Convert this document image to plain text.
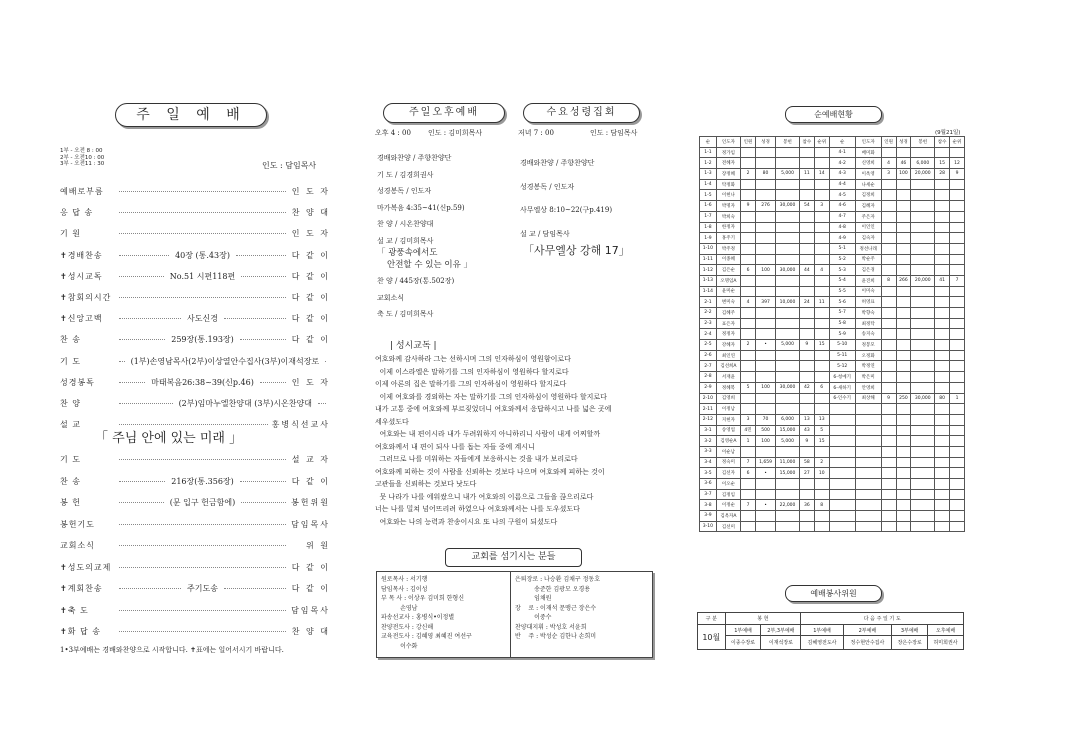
주 일 예 배
1부 - 오전 8 : 00
2부 - 오전10 : 00
3부 - 오전11 : 30	인도 : 담임목사
예배로부름	인 도 자
응 답 송	찬 양 대
기 원	인 도 자
✝경배찬송	40장 (통.43장)	다 같 이
✝성시교독	No.51 시편118편	다 같 이
✝참회의시간	다 같 이
✝신앙고백	사도신경	다 같 이
찬 송	259장(통.193장)	다 같 이
기 도	(1부)손영남목사(2부)이상열안수집사(3부)이재석장로
성경봉독	마태복음26:38~39(신p.46)	인 도 자
찬 양	(2부)임마누엘찬양대 (3부)시온찬양대
설 교	홍병식선교사
「 주님 안에 있는 미래 」
기 도	설 교 자
찬 송	216장(통.356장)	다 같 이
봉 헌	(문 입구 헌금함에)	봉헌위원
봉헌기도	담임목사
교회소식	위 원
✝성도의교제	다 같 이
✝계회찬송	주기도송	다 같 이
✝축 도	담임목사
✝화 답 송	찬 양 대
1•3부예배는 경배와찬양으로 시작합니다. ✝표에는 일어서시기 바랍니다.
주일오후예배
오후 4 : 00 인도 : 김미희목사
경배와찬양 / 주향찬양단
기 도 / 김경희권사
성경봉독 / 인도자
마가복음 4:35~41(신p.59)
찬 양 / 시온찬양대
설 교 / 김미희목사
「 광풍속에서도
안전할 수 있는 이유 」
찬 양 / 445장(통.502장)
교회소식
축 도 / 김미희목사
수요성령집회
저녁 7 : 00	인도 : 담임목사
경배와찬양 / 주향찬양단
성경봉독 / 인도자
사무엘상 8:10~22(구p.419)
설 교 / 담임목사
「사무엘상 강해 17」
| 성시교독 |
여호와께 감사하라 그는 선하시며 그의 인자하심이 영원함이로다
이제 이스라엘은 말하기를 그의 인자하심이 영원하다 할지로다
이제 아론의 집은 말하기를 그의 인자하심이 영원하다 할지로다
이제 여호와를 경외하는 자는 말하기를 그의 인자하심이 영원하다 할지로다
내가 고통 중에 여호와께 부르짖었더니 여호와께서 응답하시고 나를 넓은 곳에
세우셨도다
여호와는 내 편이시라 내가 두려워하지 아니하리니 사람이 내게 어찌할까
여호와께서 내 편이 되사 나를 돕는 자들 중에 계시니
그러므로 나를 미워하는 자들에게 보응하시는 것을 내가 보리로다
여호와께 피하는 것이 사람을 신뢰하는 것보다 나으며 여호와께 피하는 것이
고관들을 신뢰하는 것보다 낫도다
뭇 나라가 나를 에워쌌으니 내가 여호와의 이름으로 그들을 끊으리로다
너는 나를 밀쳐 넘어뜨리려 하였으나 여호와께서는 나를 도우셨도다
여호와는 나의 능력과 찬송이시요 또 나의 구원이 되셨도다
교회를 섬기시는 분들
원로목사 : 서기행
담임목사 : 김이성
부 목 사 : 이상우 김미희 한형신
손영남
파송선교사 : 홍병식•이정별
찬양전도사 : 강신해
교육전도사 : 김혜영 최혜진 여선구
이수화
은퇴장로 : 나승환 김채구 정동호
송준한 김광모 오경용
임채원
장    로 : 이재석 문맹근 장은수
이중수
찬양대지휘 : 박성호 서윤희
반    주 : 박성순 김한나 손희미
순예배현황
(9월21일)
순	인도자	인원	성경	봉헌	참수	순위	순	인도자	인원	성경	봉헌	참수	순위
1-1	정가임						4-1	배미화					
1-2	전혜자						4-2	신영희	4	46	6,000	15	12
1-3	장정혜	2	80	5,000	11	14	4-3	이옥영	3	100	20,000	28	9
1-4	탁정화						4-4	나세순					
1-5	이현나						4-5	김정희					
1-6	박명자	9	276	30,000	54	3	4-6	김혜자					
1-7	박희숙						4-7	주은자					
1-8	한정자						4-8	이인인					
1-9	홍주기						4-9	김숙자					
1-10	박주정						5-1	정선나래					
1-11	이종혜						5-2	박순주					
1-12	김은순	6	100	30,000	44	4	5-3	김은경					
1-13	오명임A						5-4	윤진희	8	266	20,000	41	7
1-14	윤미순						5-5	이미숙					
2-1	변미숙	4	397	10,000	24	11	5-6	허영표					
2-2	김혜주						5-7	박향숙					
2-3	표은자						5-8	최정탁					
2-4	정정자						5-9	송지숙					
2-5	강혜자	2	•	5,000	9	15	5-10	정봉모					
2-6	최인연						5-11	오정화					
2-7	김선희A						5-12	박정연					
2-8	서재윤						6-청예기	박은미					
2-9	정혜복	5	100	30,000	42	6	6-새하기	안영희					
2-10	김영희						6-인수기	최상해	9	250	30,000	80	1
2-11	이정남												
2-12	지현자	3	70	6,000	13	13							
3-1	송영업	4민	500	15,000	43	5							
3-2	김영순A	1	100	5,000	9	15							
3-3	이순남												
3-4	정숙미	7	1,659	11,000	58	2							
3-5	김선자	6	•	15,000	27	10							
3-6	이오순												
3-7	김정임												
3-8	이정순	7	•	22,000	36	8							
3-9	김옥자A												
3-10	김선미												
예배봉사위원
구 분	봉 헌		다 음 주 일 기 도			
10월	1부예배	2부,3부예배	1부예배	2부예배	3부예배	오후예배
	이종수장로	이재석장로	김혜영전도사	정수현안수집사	장은수장로	허미희권사
